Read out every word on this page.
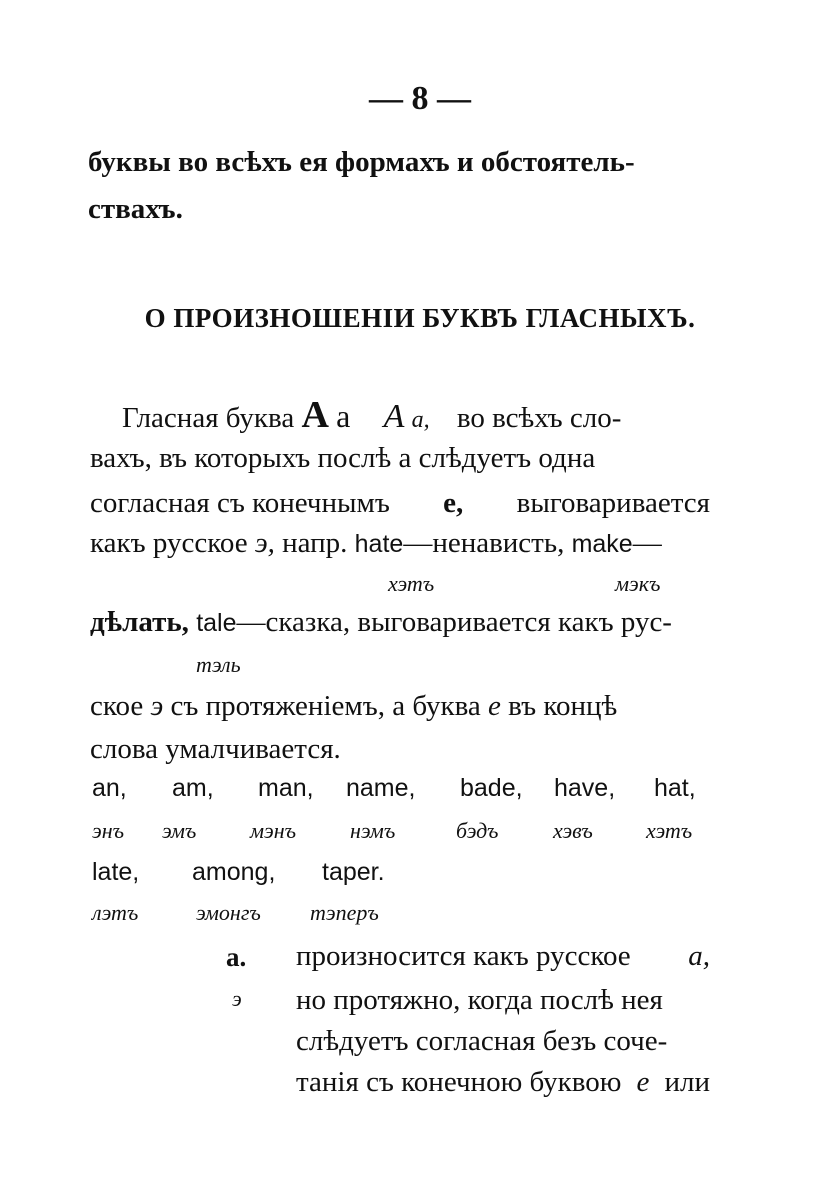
— 8 —
буквы во всѣхъ ея формахъ и обстоятель-
ствахъ.
О ПРОИЗНОШЕНIИ БУКВЪ ГЛАСНЫХЪ.
Гласная буква А а A a, во всѣхъ сло-
вахъ, въ которыхъ послѣ а слѣдуетъ одна
согласная съ конечнымъ е, выговаривается
какъ русское э, напр. hate—ненависть, make—
хэтъ	мэкъ
дѣлать, tale—сказка, выговаривается какъ рус-
тэль
ское э съ протяженiемъ, а буква е въ концѣ
слова умалчивается.
an, am, man, name, bade, have, hat,
энъ эмъ мэнъ нэмъ	бэдъ хэвъ хэтъ
late, among, taper.
лэтъ	эмонгъ тэперъ
а.
э
произносится какъ русское а,
но протяжно, когда послѣ нея
слѣдуетъ согласная безъ соче-
танiя съ конечною буквою е или
